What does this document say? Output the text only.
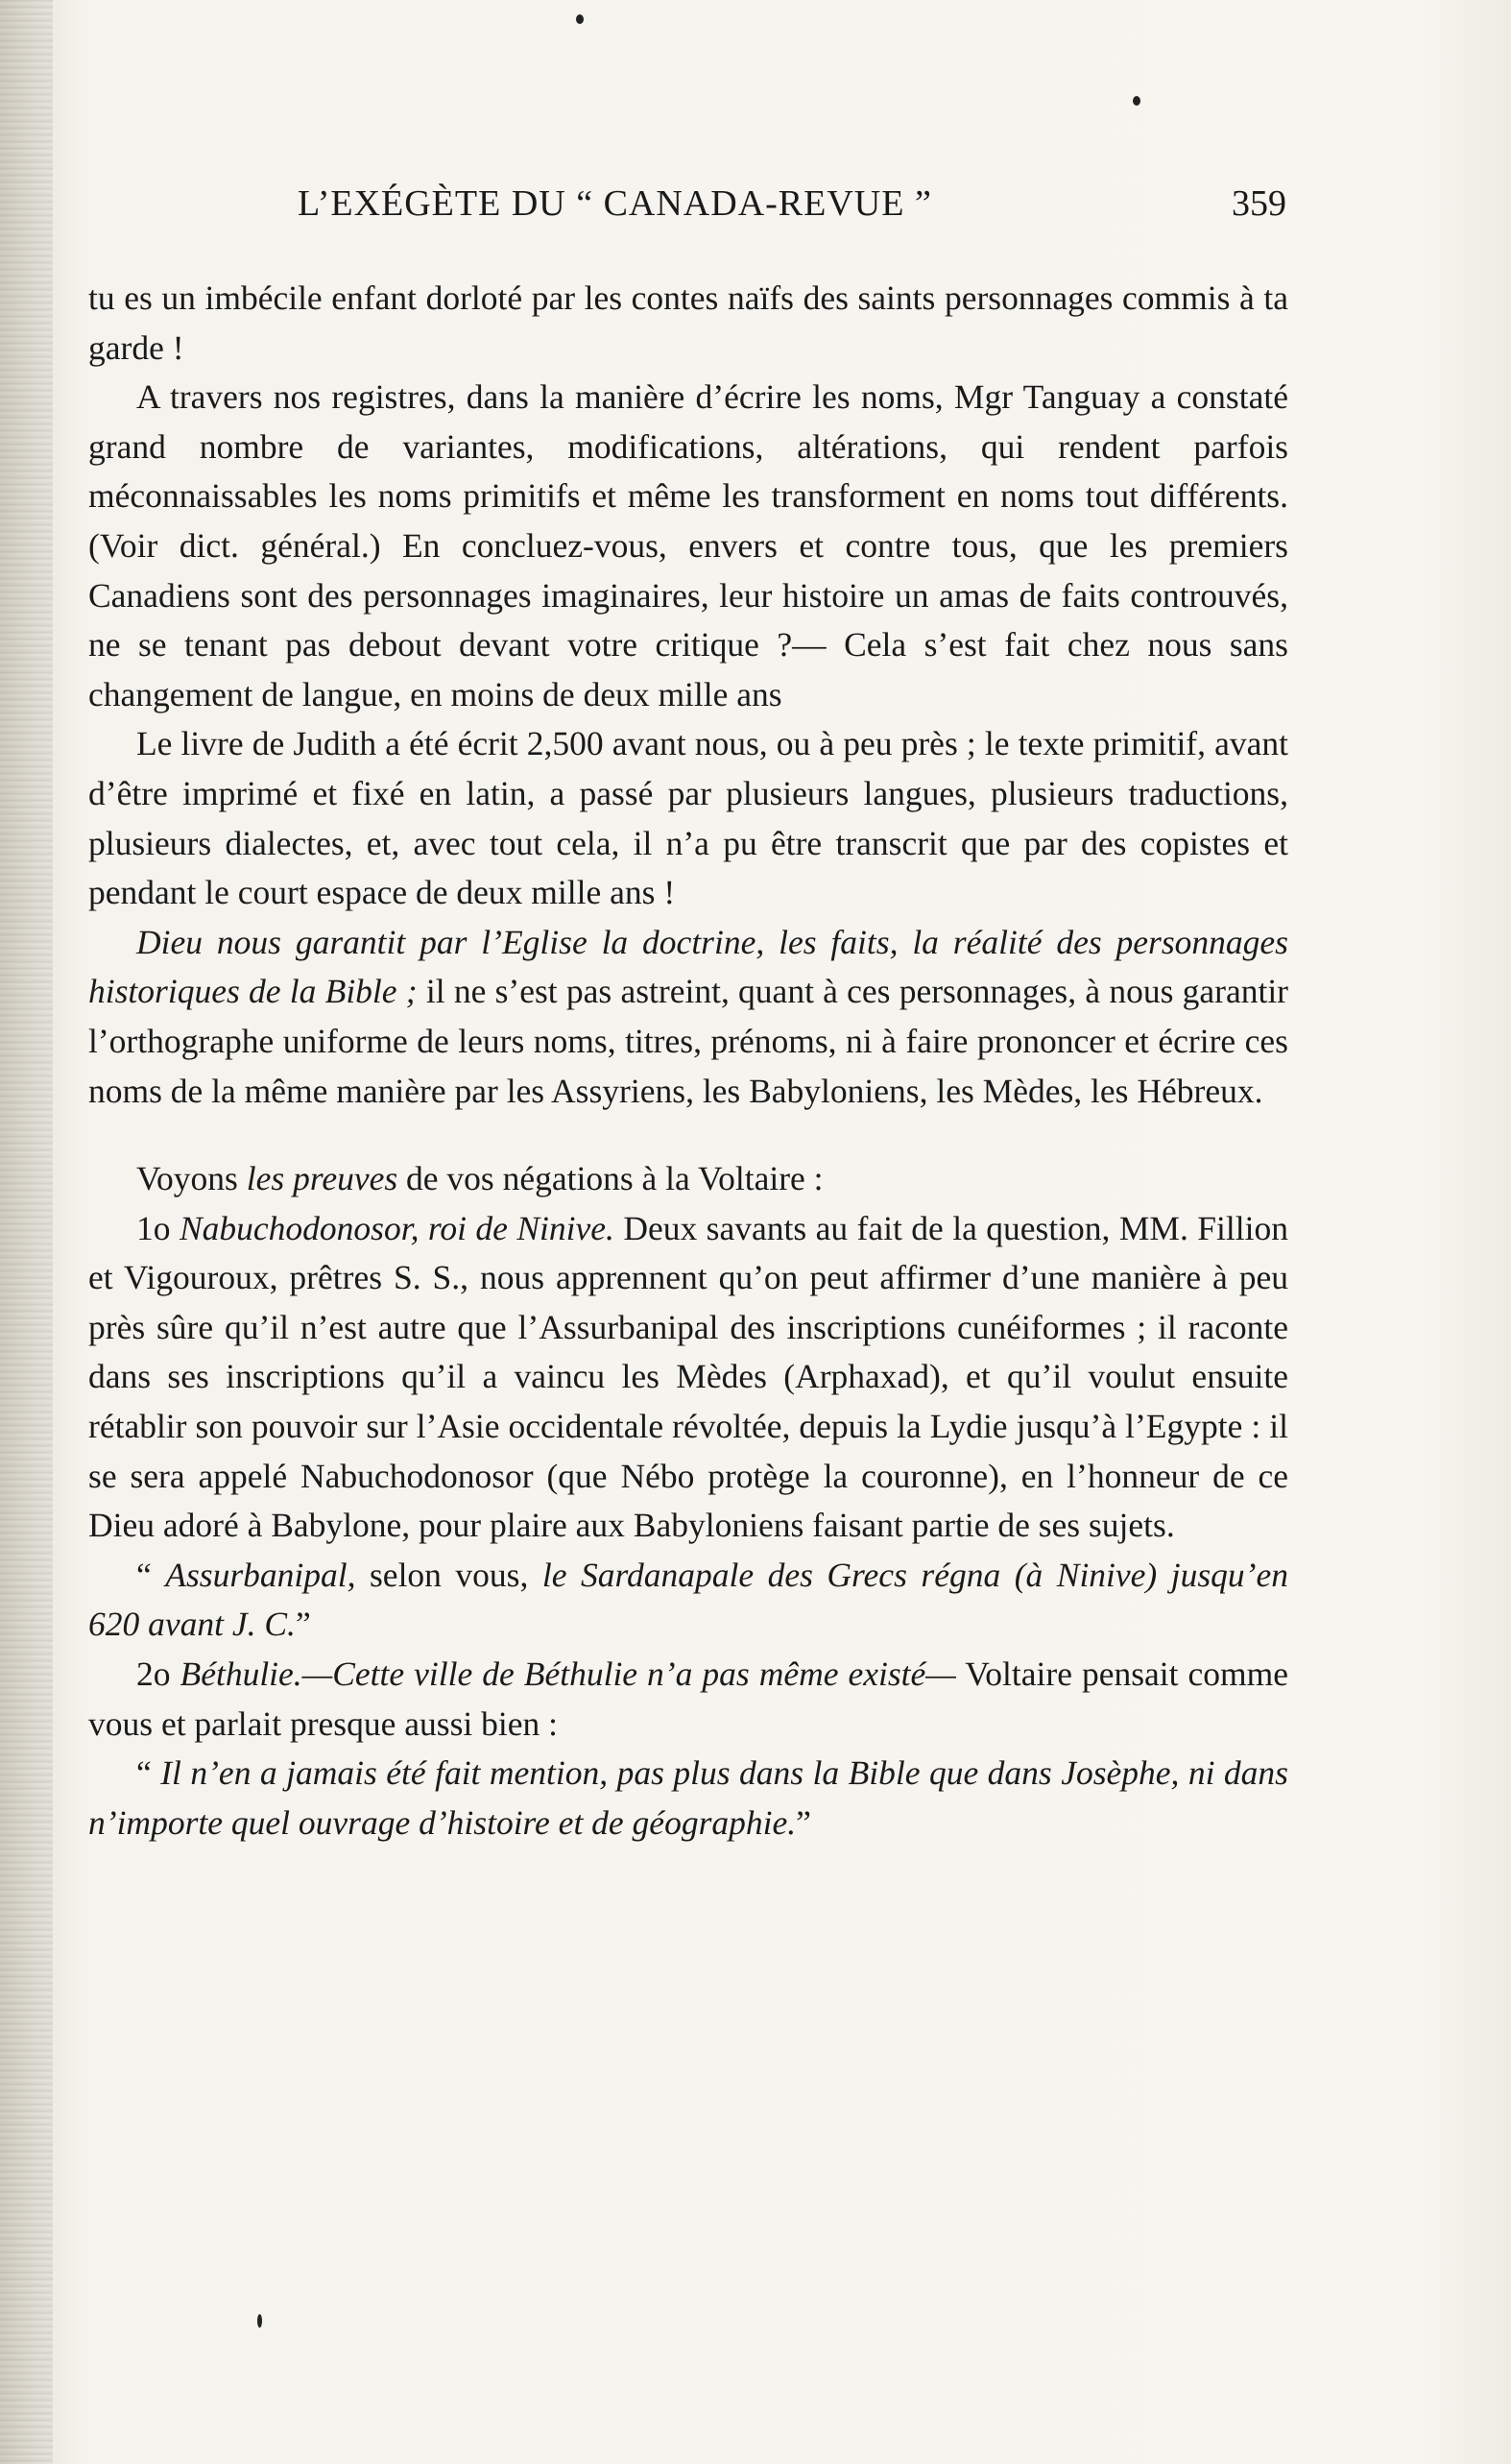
L’EXÉGÈTE DU “ CANADA-REVUE ”	359

tu es un imbécile enfant dorloté par les contes naïfs des saints personnages commis à ta garde !

A travers nos registres, dans la manière d’écrire les noms, Mgr Tanguay a constaté grand nombre de variantes, modifications, altérations, qui rendent parfois méconnaissables les noms primitifs et même les transforment en noms tout différents. (Voir dict. général.) En concluez-vous, envers et contre tous, que les premiers Canadiens sont des personnages imaginaires, leur histoire un amas de faits controuvés, ne se tenant pas debout devant votre critique ?— Cela s’est fait chez nous sans changement de langue, en moins de deux mille ans

Le livre de Judith a été écrit 2,500 avant nous, ou à peu près ; le texte primitif, avant d’être imprimé et fixé en latin, a passé par plusieurs langues, plusieurs traductions, plusieurs dialectes, et, avec tout cela, il n’a pu être transcrit que par des copistes et pendant le court espace de deux mille ans !

Dieu nous garantit par l’Eglise la doctrine, les faits, la réalité des personnages historiques de la Bible ; il ne s’est pas astreint, quant à ces personnages, à nous garantir l’orthographe uniforme de leurs noms, titres, prénoms, ni à faire prononcer et écrire ces noms de la même manière par les Assyriens, les Babyloniens, les Mèdes, les Hébreux.

Voyons les preuves de vos négations à la Voltaire :

1o Nabuchodonosor, roi de Ninive. Deux savants au fait de la question, MM. Fillion et Vigouroux, prêtres S. S., nous apprennent qu’on peut affirmer d’une manière à peu près sûre qu’il n’est autre que l’Assurbanipal des inscriptions cunéiformes ; il raconte dans ses inscriptions qu’il a vaincu les Mèdes (Arphaxad), et qu’il voulut ensuite rétablir son pouvoir sur l’Asie occidentale révoltée, depuis la Lydie jusqu’à l’Egypte : il se sera appelé Nabuchodonosor (que Nébo protège la couronne), en l’honneur de ce Dieu adoré à Babylone, pour plaire aux Babyloniens faisant partie de ses sujets.

“ Assurbanipal, selon vous, le Sardanapale des Grecs régna (à Ninive) jusqu’en 620 avant J. C.”

2o Béthulie.—Cette ville de Béthulie n’a pas même existé— Voltaire pensait comme vous et parlait presque aussi bien :

“ Il n’en a jamais été fait mention, pas plus dans la Bible que dans Josèphe, ni dans n’importe quel ouvrage d’histoire et de géographie.”
